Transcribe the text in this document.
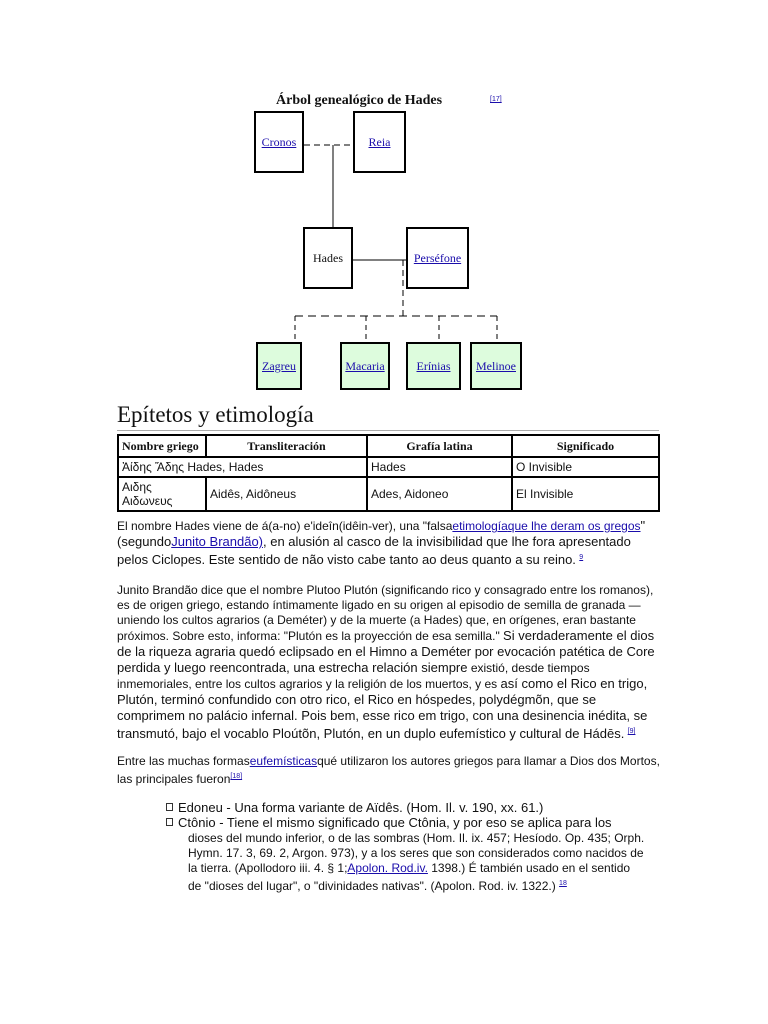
Árbol genealógico de Hades	[17]
Cronos	Reia
Hades	Perséfone
Zagreu	Macaria	Erínias Melinoe
Epítetos y etimología
Nombre griego	Transliteración	Grafía latina	Significado
Ἀίδης Ἅδης Hades, Hades		Hades	O Invisible
Αιδης Αιδωνευς	Aidês, Aidôneus	Ades, Aidoneo	El Invisible

El nombre Hades viene de á(a-no) e'ideîn(idêin-ver), una "falsaetimologíaque lhe deram os gregos" (segundoJunito Brandão), en alusión al casco de la invisibilidad que lhe fora apresentado pelos Ciclopes. Este sentido de não visto cabe tanto ao deus quanto a su reino. $^9$

Junito Brandão dice que el nombre Plutoo Plutón (significando rico y consagrado entre los romanos), es de origen griego, estando íntimamente ligado en su origen al episodio de semilla de granada — uniendo los cultos agrarios (a Deméter) y de la muerte (a Hades) que, en orígenes, eran bastante próximos. Sobre esto, informa: "Plutón es la proyección de esa semilla." Si verdaderamente el dios de la riqueza agraria quedó eclipsado en el Himno a Deméter por evocación patética de Core perdida y luego reencontrada, una estrecha relación siempre existió, desde tiempos inmemoriales, entre los cultos agrarios y la religión de los muertos, y es así como el Rico en trigo, Plutón, terminó confundido con otro rico, el Rico en hóspedes, polydégmõn, que se comprimem no palácio infernal. Pois bem, esse rico em trigo, con una desinencia inédita, se transmutó, bajo el vocablo Ploútõn, Plutón, en un duplo eufemístico y cultural de Hádēs. [9]

Entre las muchas formaseufemísticasqué utilizaron los autores griegos para llamar a Dios dos Mortos, las principales fueron[18]

Edoneu - Una forma variante de Aïdês. (Hom. Il. v. 190, xx. 61.)
Ctônio - Tiene el mismo significado que Ctônia, y por eso se aplica para los
dioses del mundo inferior, o de las sombras (Hom. Il. ix. 457; Hesíodo. Op. 435; Orph. Hymn. 17. 3, 69. 2, Argon. 973), y a los seres que son considerados como nacidos de la tierra. (Apollodoro iii. 4. § 1;Apolon. Rod.iv. 1398.) É también usado en el sentido de "dioses del lugar", o "divinidades nativas". (Apolon. Rod. iv. 1322.) $^{18}$
